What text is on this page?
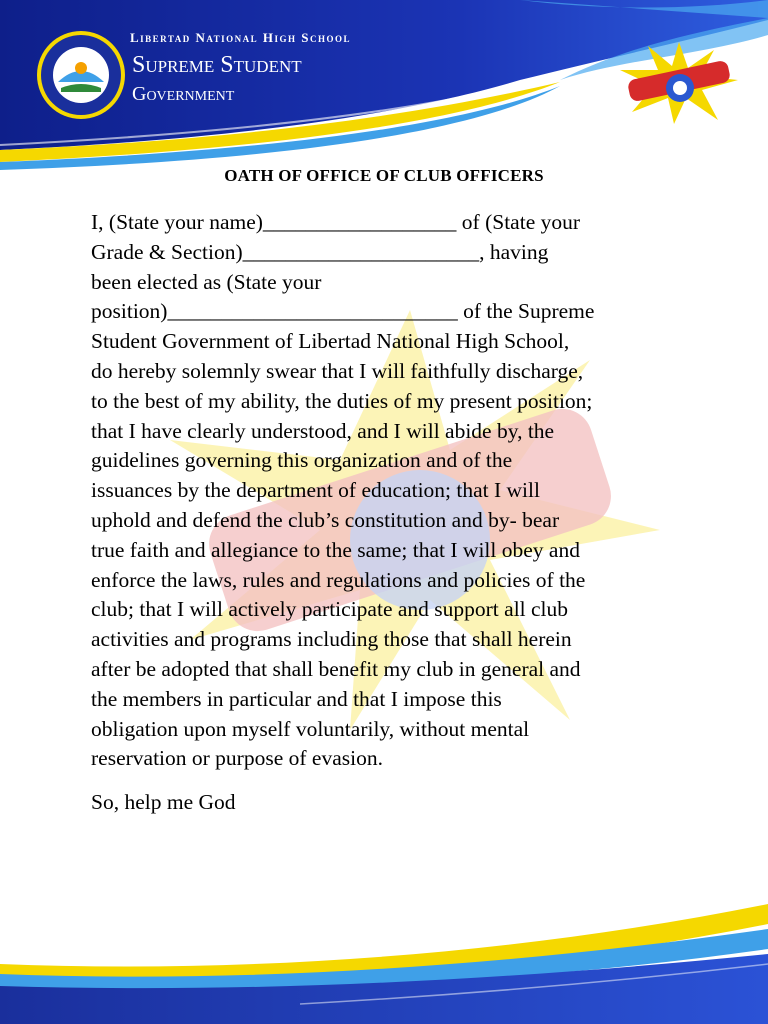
Libertad National High School
Supreme Student
Government
OATH OF OFFICE OF CLUB OFFICERS
I, (State your name)__________________ of (State your
Grade & Section)______________________, having
been elected as (State your
position)___________________________ of the Supreme
Student Government of Libertad National High School,
do hereby solemnly swear that I will faithfully discharge,
to the best of my ability, the duties of my present position;
that I have clearly understood, and I will abide by, the
guidelines governing this organization and of the
issuances by the department of education; that I will
uphold and defend the club’s constitution and by- bear
true faith and allegiance to the same; that I will obey and
enforce the laws, rules and regulations and policies of the
club; that I will actively participate and support all club
activities and programs including those that shall herein
after be adopted that shall benefit my club in general and
the members in particular and that I impose this
obligation upon myself voluntarily, without mental
reservation or purpose of evasion.
So, help me God
